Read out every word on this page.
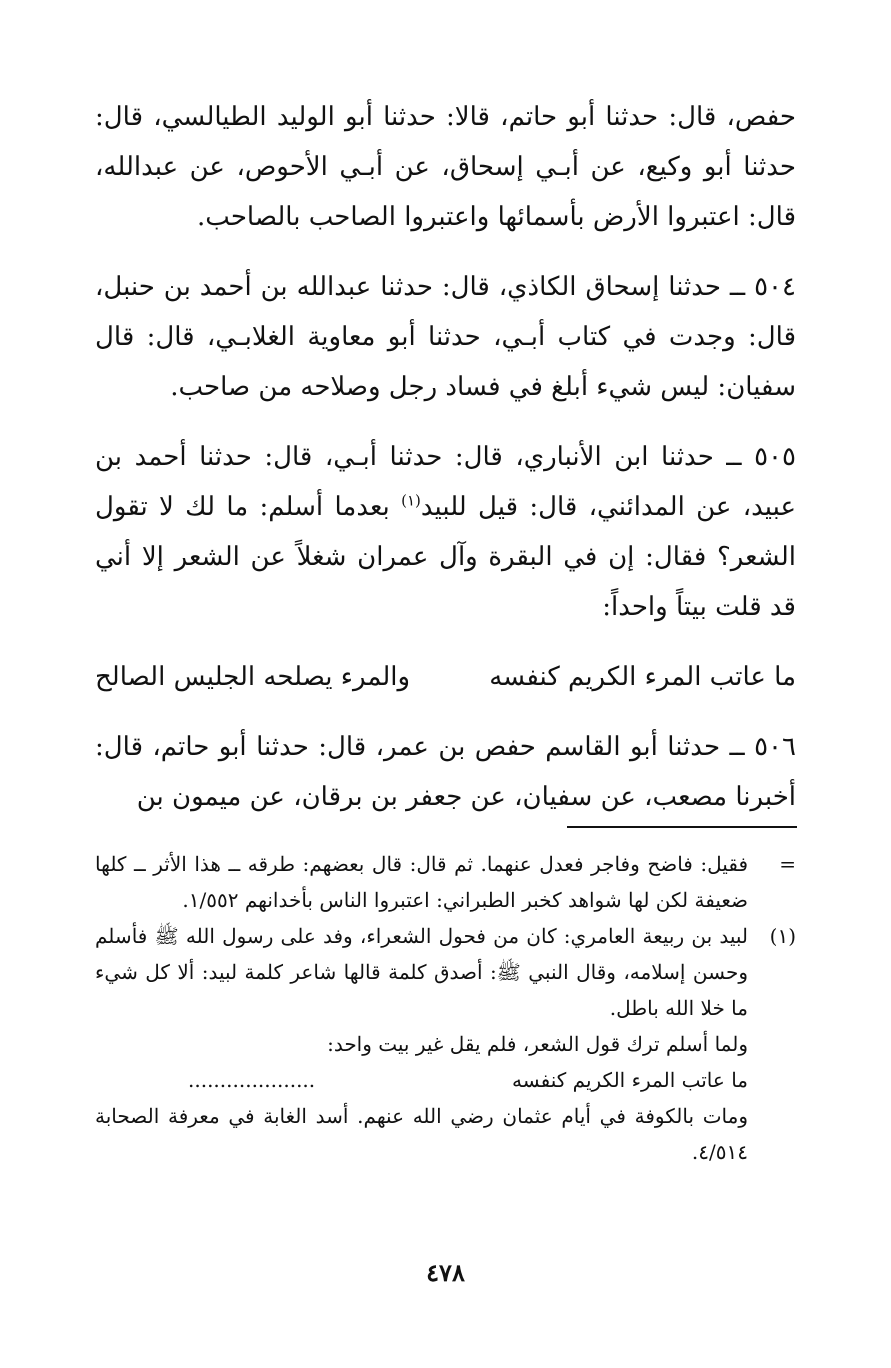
حفص، قال: حدثنا أبو حاتم، قالا: حدثنا أبو الوليد الطيالسي، قال: حدثنا أبو وكيع، عن أبـي إسحاق، عن أبـي الأحوص، عن عبدالله، قال: اعتبروا الأرض بأسمائها واعتبروا الصاحب بالصاحب.

٥٠٤ ــ حدثنا إسحاق الكاذي، قال: حدثنا عبدالله بن أحمد بن حنبل، قال: وجدت في كتاب أبـي، حدثنا أبو معاوية الغلابـي، قال: قال سفيان: ليس شيء أبلغ في فساد رجل وصلاحه من صاحب.

٥٠٥ ــ حدثنا ابن الأنباري، قال: حدثنا أبـي، قال: حدثنا أحمد بن عبيد، عن المدائني، قال: قيل للبيد$^{(١)}$ بعدما أسلم: ما لك لا تقول الشعر؟ فقال: إن في البقرة وآل عمران شغلاً عن الشعر إلا أني قد قلت بيتاً واحداً:

ما عاتب المرء الكريم كنفسه
والمرء يصلحه الجليس الصالح

٥٠٦ ــ حدثنا أبو القاسم حفص بن عمر، قال: حدثنا أبو حاتم، قال: أخبرنا مصعب، عن سفيان، عن جعفر بن برقان، عن ميمون بن

=

فقيل: فاضح وفاجر فعدل عنهما. ثم قال: قال بعضهم: طرقه ــ هذا الأثر ــ كلها ضعيفة لكن لها شواهد كخبر الطبراني: اعتبروا الناس بأخدانهم ١/٥٥٢.

(١)

لبيد بن ربيعة العامري: كان من فحول الشعراء، وفد على رسول الله ﷺ فأسلم وحسن إسلامه، وقال النبي ﷺ: أصدق كلمة قالها شاعر كلمة لبيد: ألا كل شيء ما خلا الله باطل.

ولما أسلم ترك قول الشعر، فلم يقل غير بيت واحد:

ما عاتب المرء الكريم كنفسه
....................

ومات بالكوفة في أيام عثمان رضي الله عنهم. أسد الغابة في معرفة الصحابة ٤/٥١٤.

٤٧٨
